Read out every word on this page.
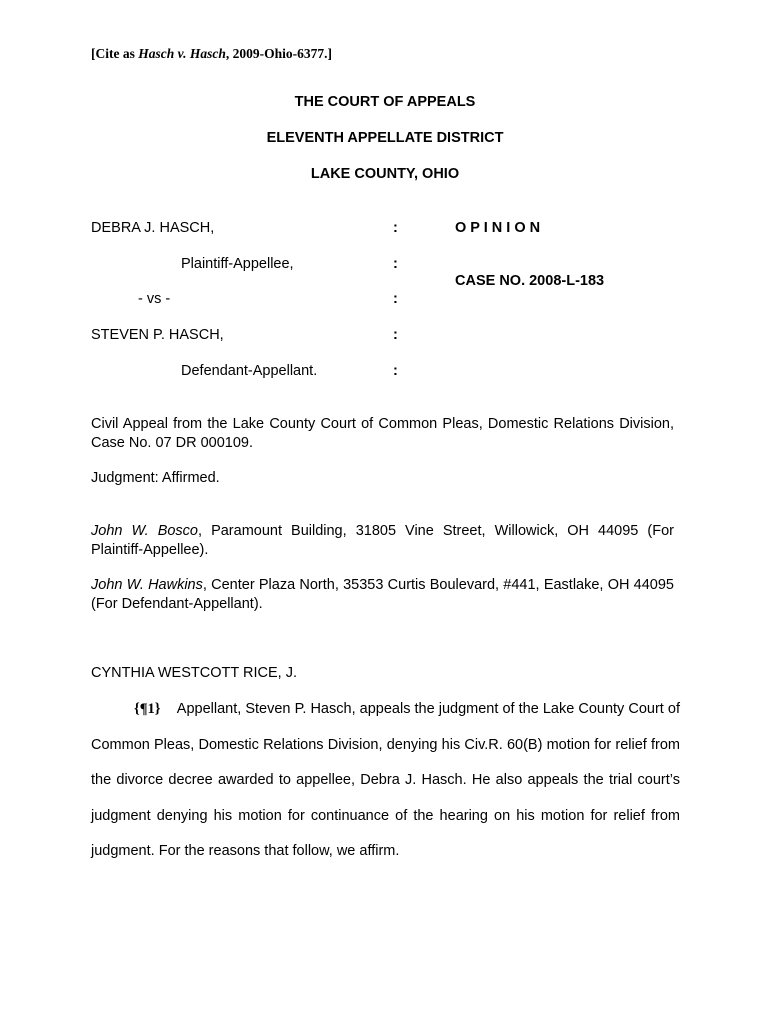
[Cite as Hasch v. Hasch, 2009-Ohio-6377.]
THE COURT OF APPEALS
ELEVENTH APPELLATE DISTRICT
LAKE COUNTY, OHIO
DEBRA J. HASCH,
Plaintiff-Appellee,
- vs -
STEVEN P. HASCH,
Defendant-Appellant.
:
:
:
:
:
O P I N I O N
CASE NO. 2008-L-183
Civil Appeal from the Lake County Court of Common Pleas, Domestic Relations Division, Case No. 07 DR 000109.
Judgment: Affirmed.
John W. Bosco, Paramount Building, 31805 Vine Street, Willowick, OH 44095 (For Plaintiff-Appellee).
John W. Hawkins, Center Plaza North, 35353 Curtis Boulevard, #441, Eastlake, OH 44095 (For Defendant-Appellant).
CYNTHIA WESTCOTT RICE, J.
{¶1} Appellant, Steven P. Hasch, appeals the judgment of the Lake County Court of Common Pleas, Domestic Relations Division, denying his Civ.R. 60(B) motion for relief from the divorce decree awarded to appellee, Debra J. Hasch. He also appeals the trial court’s judgment denying his motion for continuance of the hearing on his motion for relief from judgment. For the reasons that follow, we affirm.
